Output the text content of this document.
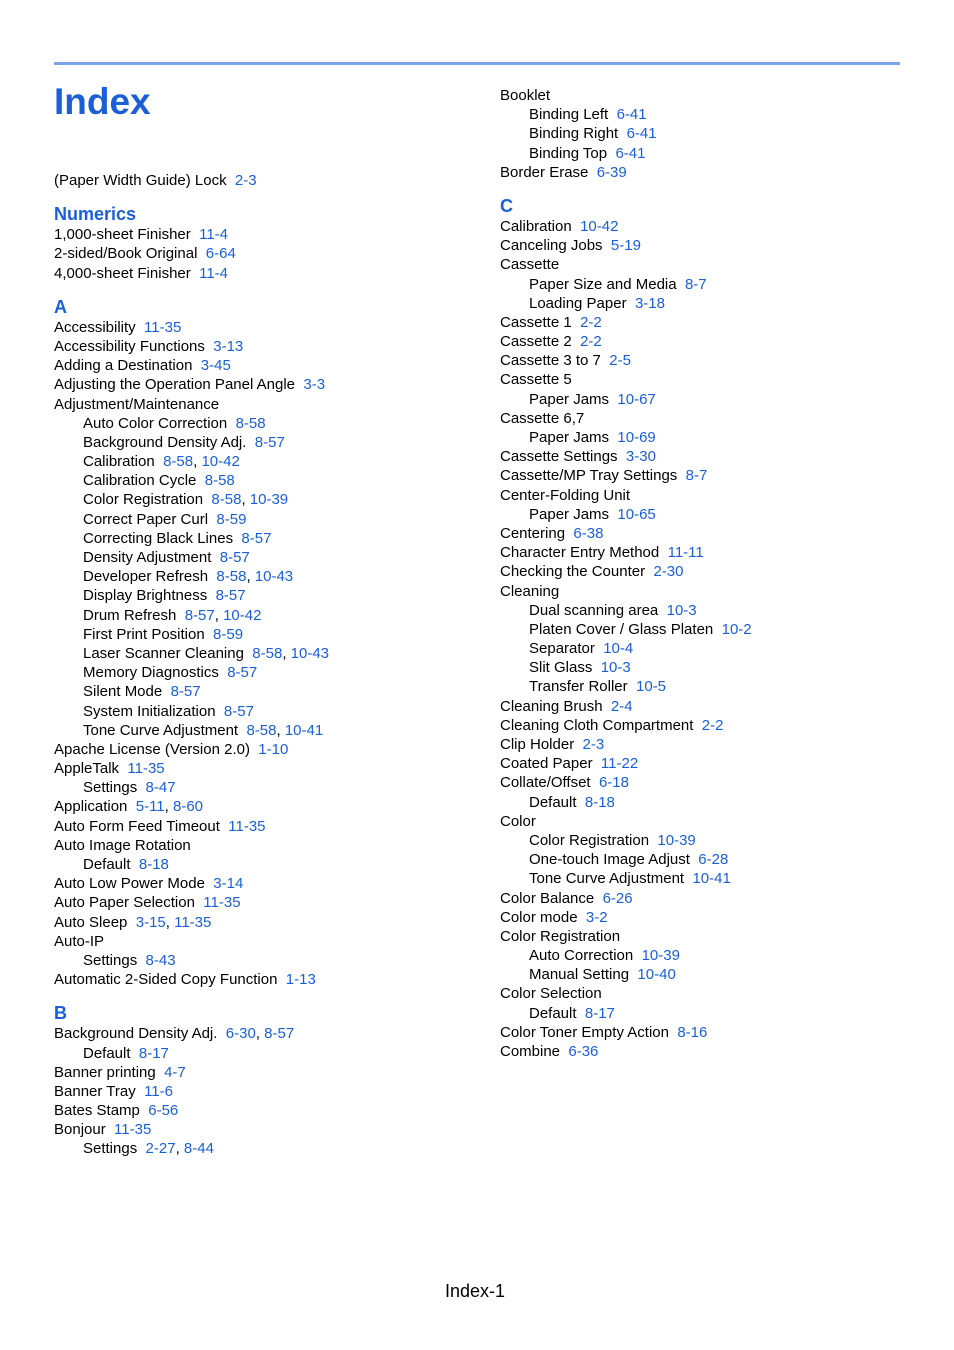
Index
(Paper Width Guide) Lock 2-3
Numerics
1,000-sheet Finisher 11-4
2-sided/Book Original 6-64
4,000-sheet Finisher 11-4
A
Accessibility 11-35
Accessibility Functions 3-13
Adding a Destination 3-45
Adjusting the Operation Panel Angle 3-3
Adjustment/Maintenance
Auto Color Correction 8-58
Background Density Adj. 8-57
Calibration 8-58, 10-42
Calibration Cycle 8-58
Color Registration 8-58, 10-39
Correct Paper Curl 8-59
Correcting Black Lines 8-57
Density Adjustment 8-57
Developer Refresh 8-58, 10-43
Display Brightness 8-57
Drum Refresh 8-57, 10-42
First Print Position 8-59
Laser Scanner Cleaning 8-58, 10-43
Memory Diagnostics 8-57
Silent Mode 8-57
System Initialization 8-57
Tone Curve Adjustment 8-58, 10-41
Apache License (Version 2.0) 1-10
AppleTalk 11-35
Settings 8-47
Application 5-11, 8-60
Auto Form Feed Timeout 11-35
Auto Image Rotation
Default 8-18
Auto Low Power Mode 3-14
Auto Paper Selection 11-35
Auto Sleep 3-15, 11-35
Auto-IP
Settings 8-43
Automatic 2-Sided Copy Function 1-13
B
Background Density Adj. 6-30, 8-57
Default 8-17
Banner printing 4-7
Banner Tray 11-6
Bates Stamp 6-56
Bonjour 11-35
Settings 2-27, 8-44
Booklet
Binding Left 6-41
Binding Right 6-41
Binding Top 6-41
Border Erase 6-39
C
Calibration 10-42
Canceling Jobs 5-19
Cassette
Paper Size and Media 8-7
Loading Paper 3-18
Cassette 1 2-2
Cassette 2 2-2
Cassette 3 to 7 2-5
Cassette 5
Paper Jams 10-67
Cassette 6,7
Paper Jams 10-69
Cassette Settings 3-30
Cassette/MP Tray Settings 8-7
Center-Folding Unit
Paper Jams 10-65
Centering 6-38
Character Entry Method 11-11
Checking the Counter 2-30
Cleaning
Dual scanning area 10-3
Platen Cover / Glass Platen 10-2
Separator 10-4
Slit Glass 10-3
Transfer Roller 10-5
Cleaning Brush 2-4
Cleaning Cloth Compartment 2-2
Clip Holder 2-3
Coated Paper 11-22
Collate/Offset 6-18
Default 8-18
Color
Color Registration 10-39
One-touch Image Adjust 6-28
Tone Curve Adjustment 10-41
Color Balance 6-26
Color mode 3-2
Color Registration
Auto Correction 10-39
Manual Setting 10-40
Color Selection
Default 8-17
Color Toner Empty Action 8-16
Combine 6-36
Index-1
